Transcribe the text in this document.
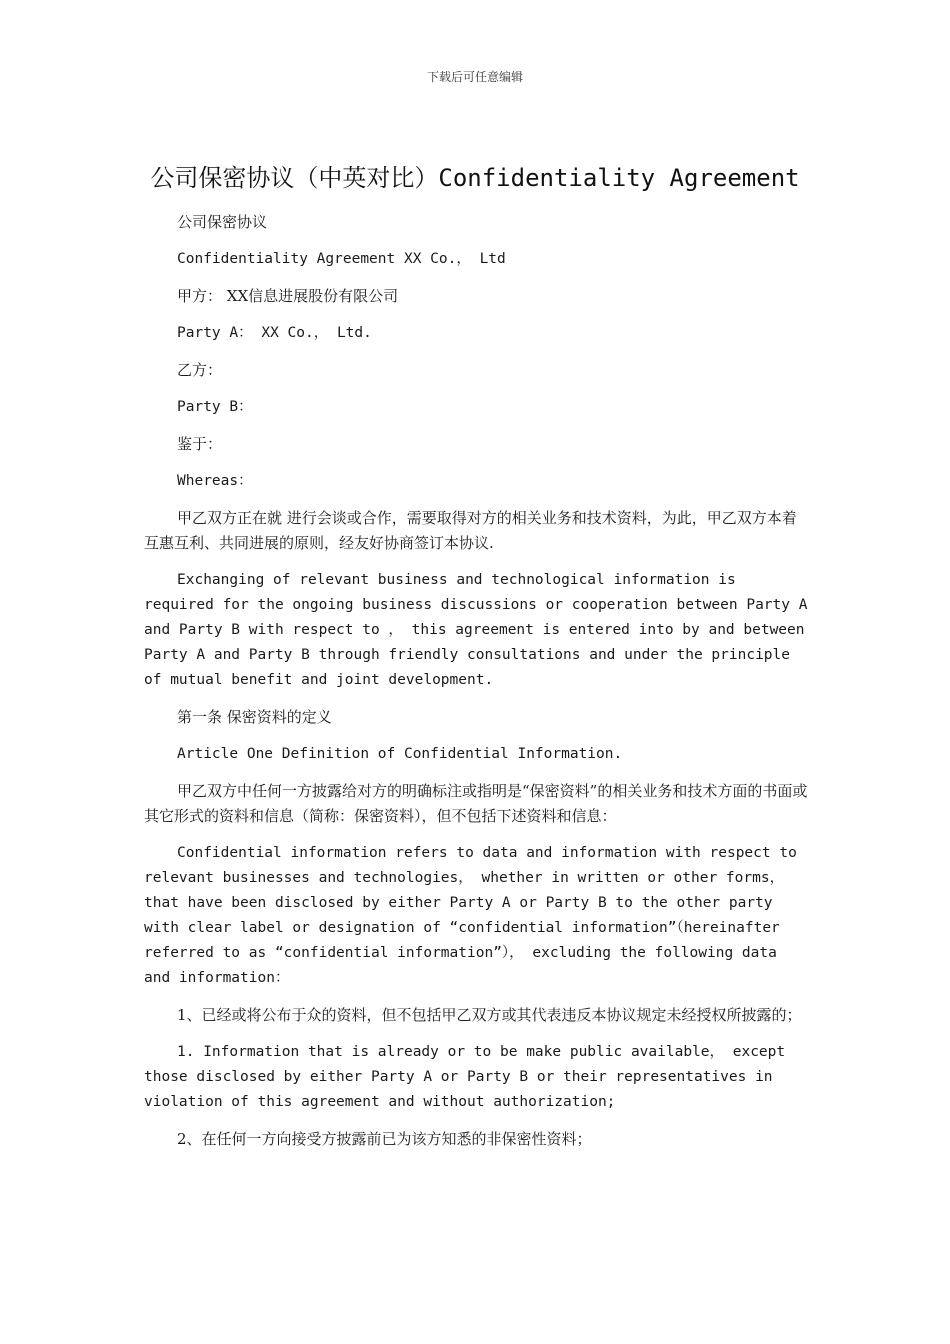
下载后可任意编辑
公司保密协议（中英对比）Confidentiality Agreement

公司保密协议

Confidentiality Agreement XX Co.， Ltd

甲方： XX信息进展股份有限公司

Party A： XX Co.， Ltd.

乙方：

Party B：

鉴于：

Whereas：

甲乙双方正在就 进行会谈或合作，需要取得对方的相关业务和技术资料，为此，甲乙双方本着互惠互利、共同进展的原则，经友好协商签订本协议.

Exchanging of relevant business and technological information is required for the ongoing business discussions or cooperation between Party A and Party B with respect to ， this agreement is entered into by and between Party A and Party B through friendly consultations and under the principle of mutual benefit and joint development.

第一条 保密资料的定义

Article One Definition of Confidential Information.

甲乙双方中任何一方披露给对方的明确标注或指明是“保密资料”的相关业务和技术方面的书面或其它形式的资料和信息（简称：保密资料），但不包括下述资料和信息：

Confidential information refers to data and information with respect to relevant businesses and technologies， whether in written or other forms， that have been disclosed by either Party A or Party B to the other party with clear label or designation of “confidential information”（hereinafter referred to as “confidential information”）， excluding the following data and information：

1、已经或将公布于众的资料，但不包括甲乙双方或其代表违反本协议规定未经授权所披露的；

1. Information that is already or to be make public available， except those disclosed by either Party A or Party B or their representatives in violation of this agreement and without authorization;

2、在任何一方向接受方披露前已为该方知悉的非保密性资料；
